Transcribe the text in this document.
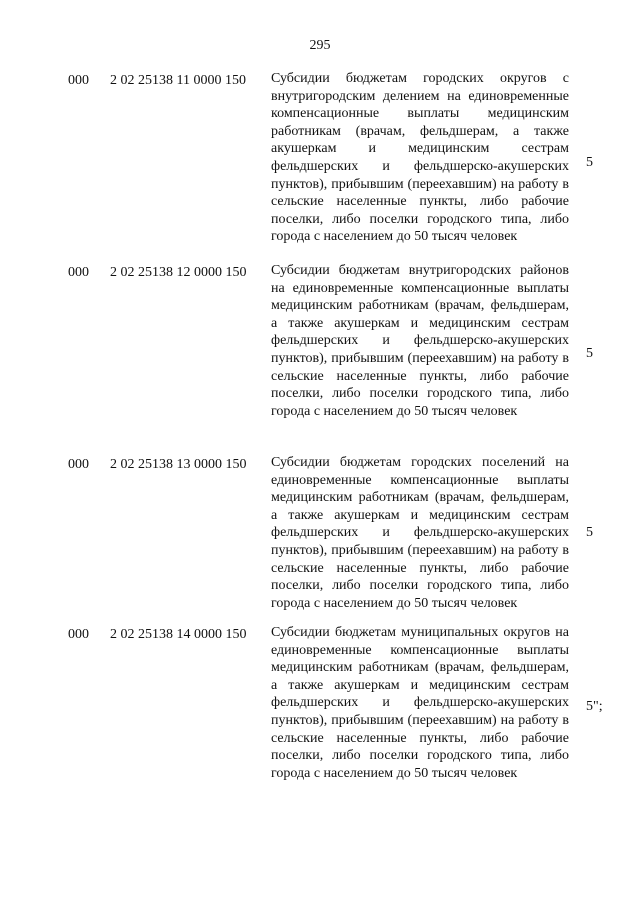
295
000	2 02 25138 11 0000 150	Субсидии бюджетам городских округов с внутригородским делением на единовременные компенсационные выплаты медицинским работникам (врачам, фельдшерам, а также акушеркам и медицинским сестрам фельдшерских и фельдшерско-акушерских пунктов), прибывшим (переехавшим) на работу в сельские населенные пункты, либо рабочие поселки, либо поселки городского типа, либо города с населением до 50 тысяч человек
5
000	2 02 25138 12 0000 150	Субсидии бюджетам внутригородских районов на единовременные компенсационные выплаты медицинским работникам (врачам, фельдшерам, а также акушеркам и медицинским сестрам фельдшерских и фельдшерско-акушерских пунктов), прибывшим (переехавшим) на работу в сельские населенные пункты, либо рабочие поселки, либо поселки городского типа, либо города с населением до 50 тысяч человек
5
000	2 02 25138 13 0000 150	Субсидии бюджетам городских поселений на единовременные компенсационные выплаты медицинским работникам (врачам, фельдшерам, а также акушеркам и медицинским сестрам фельдшерских и фельдшерско-акушерских пунктов), прибывшим (переехавшим) на работу в сельские населенные пункты, либо рабочие поселки, либо поселки городского типа, либо города с населением до 50 тысяч человек
5
000	2 02 25138 14 0000 150	Субсидии бюджетам муниципальных округов на единовременные компенсационные выплаты медицинским работникам (врачам, фельдшерам, а также акушеркам и медицинским сестрам фельдшерских и фельдшерско-акушерских пунктов), прибывшим (переехавшим) на работу в сельские населенные пункты, либо рабочие поселки, либо поселки городского типа, либо города с населением до 50 тысяч человек
5";
